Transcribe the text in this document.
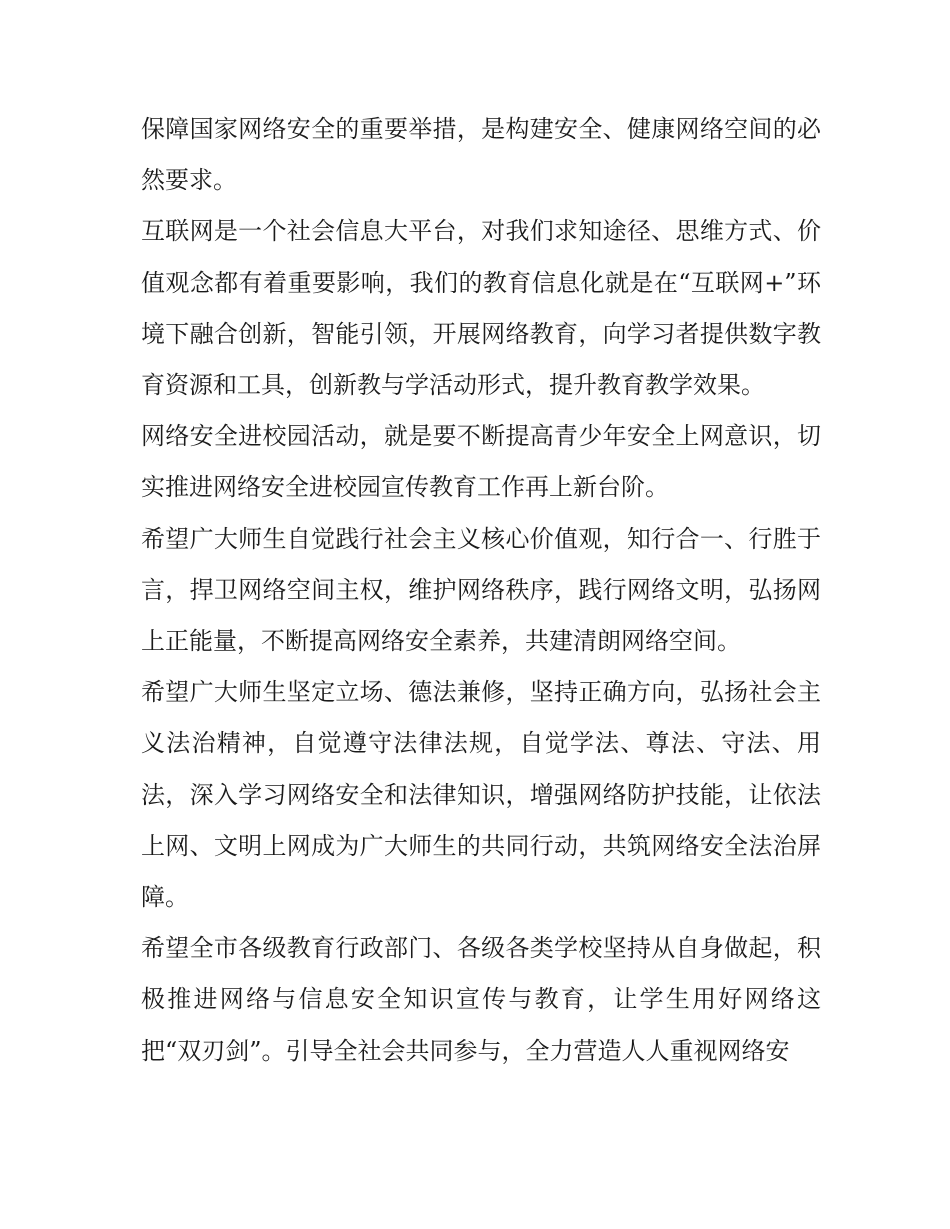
保障国家网络安全的重要举措，是构建安全、健康网络空间的必然要求。

互联网是一个社会信息大平台，对我们求知途径、思维方式、价值观念都有着重要影响，我们的教育信息化就是在“互联网+”环境下融合创新，智能引领，开展网络教育，向学习者提供数字教育资源和工具，创新教与学活动形式，提升教育教学效果。

网络安全进校园活动，就是要不断提高青少年安全上网意识，切实推进网络安全进校园宣传教育工作再上新台阶。

希望广大师生自觉践行社会主义核心价值观，知行合一、行胜于言，捍卫网络空间主权，维护网络秩序，践行网络文明，弘扬网上正能量，不断提高网络安全素养，共建清朗网络空间。

希望广大师生坚定立场、德法兼修，坚持正确方向，弘扬社会主义法治精神，自觉遵守法律法规，自觉学法、尊法、守法、用法，深入学习网络安全和法律知识，增强网络防护技能，让依法上网、文明上网成为广大师生的共同行动，共筑网络安全法治屏障。

希望全市各级教育行政部门、各级各类学校坚持从自身做起，积极推进网络与信息安全知识宣传与教育，让学生用好网络这把“双刃剑”。引导全社会共同参与，全力营造人人重视网络安
